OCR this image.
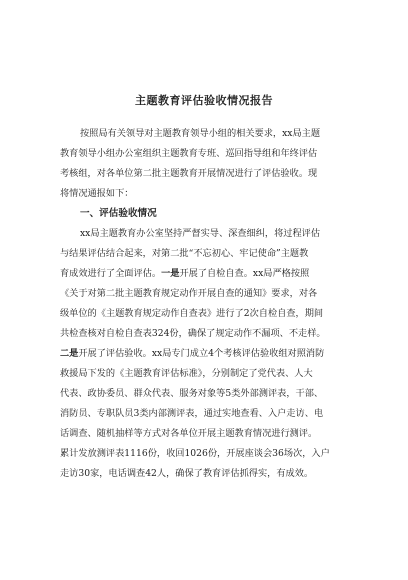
主题教育评估验收情况报告
按照局有关领导对主题教育领导小组的相关要求，xx局主题
教育领导小组办公室组织主题教育专班、巡回指导组和年终评估
考核组，对各单位第二批主题教育开展情况进行了评估验收。现
将情况通报如下：
一、评估验收情况
xx局主题教育办公室坚持严督实导、深查细纠，将过程评估
与结果评估结合起来，对第二批“不忘初心、牢记使命”主题教
育成效进行了全面评估。一是开展了自检自查。xx局严格按照
《关于对第二批主题教育规定动作开展自查的通知》要求，对各
级单位的《主题教育规定动作自查表》进行了2次自检自查，期间
共检查核对自检自查表324份，确保了规定动作不漏项、不走样。
二是开展了评估验收。xx局专门成立4个考核评估验收组对照消防
救援局下发的《主题教育评估标准》，分别制定了党代表、人大
代表、政协委员、群众代表、服务对象等5类外部测评表，干部、
消防员、专职队员3类内部测评表，通过实地查看、入户走访、电
话调查、随机抽样等方式对各单位开展主题教育情况进行测评。
累计发放测评表1116份，收回1026份，开展座谈会36场次，入户
走访30家，电话调查42人，确保了教育评估抓得实，有成效。
